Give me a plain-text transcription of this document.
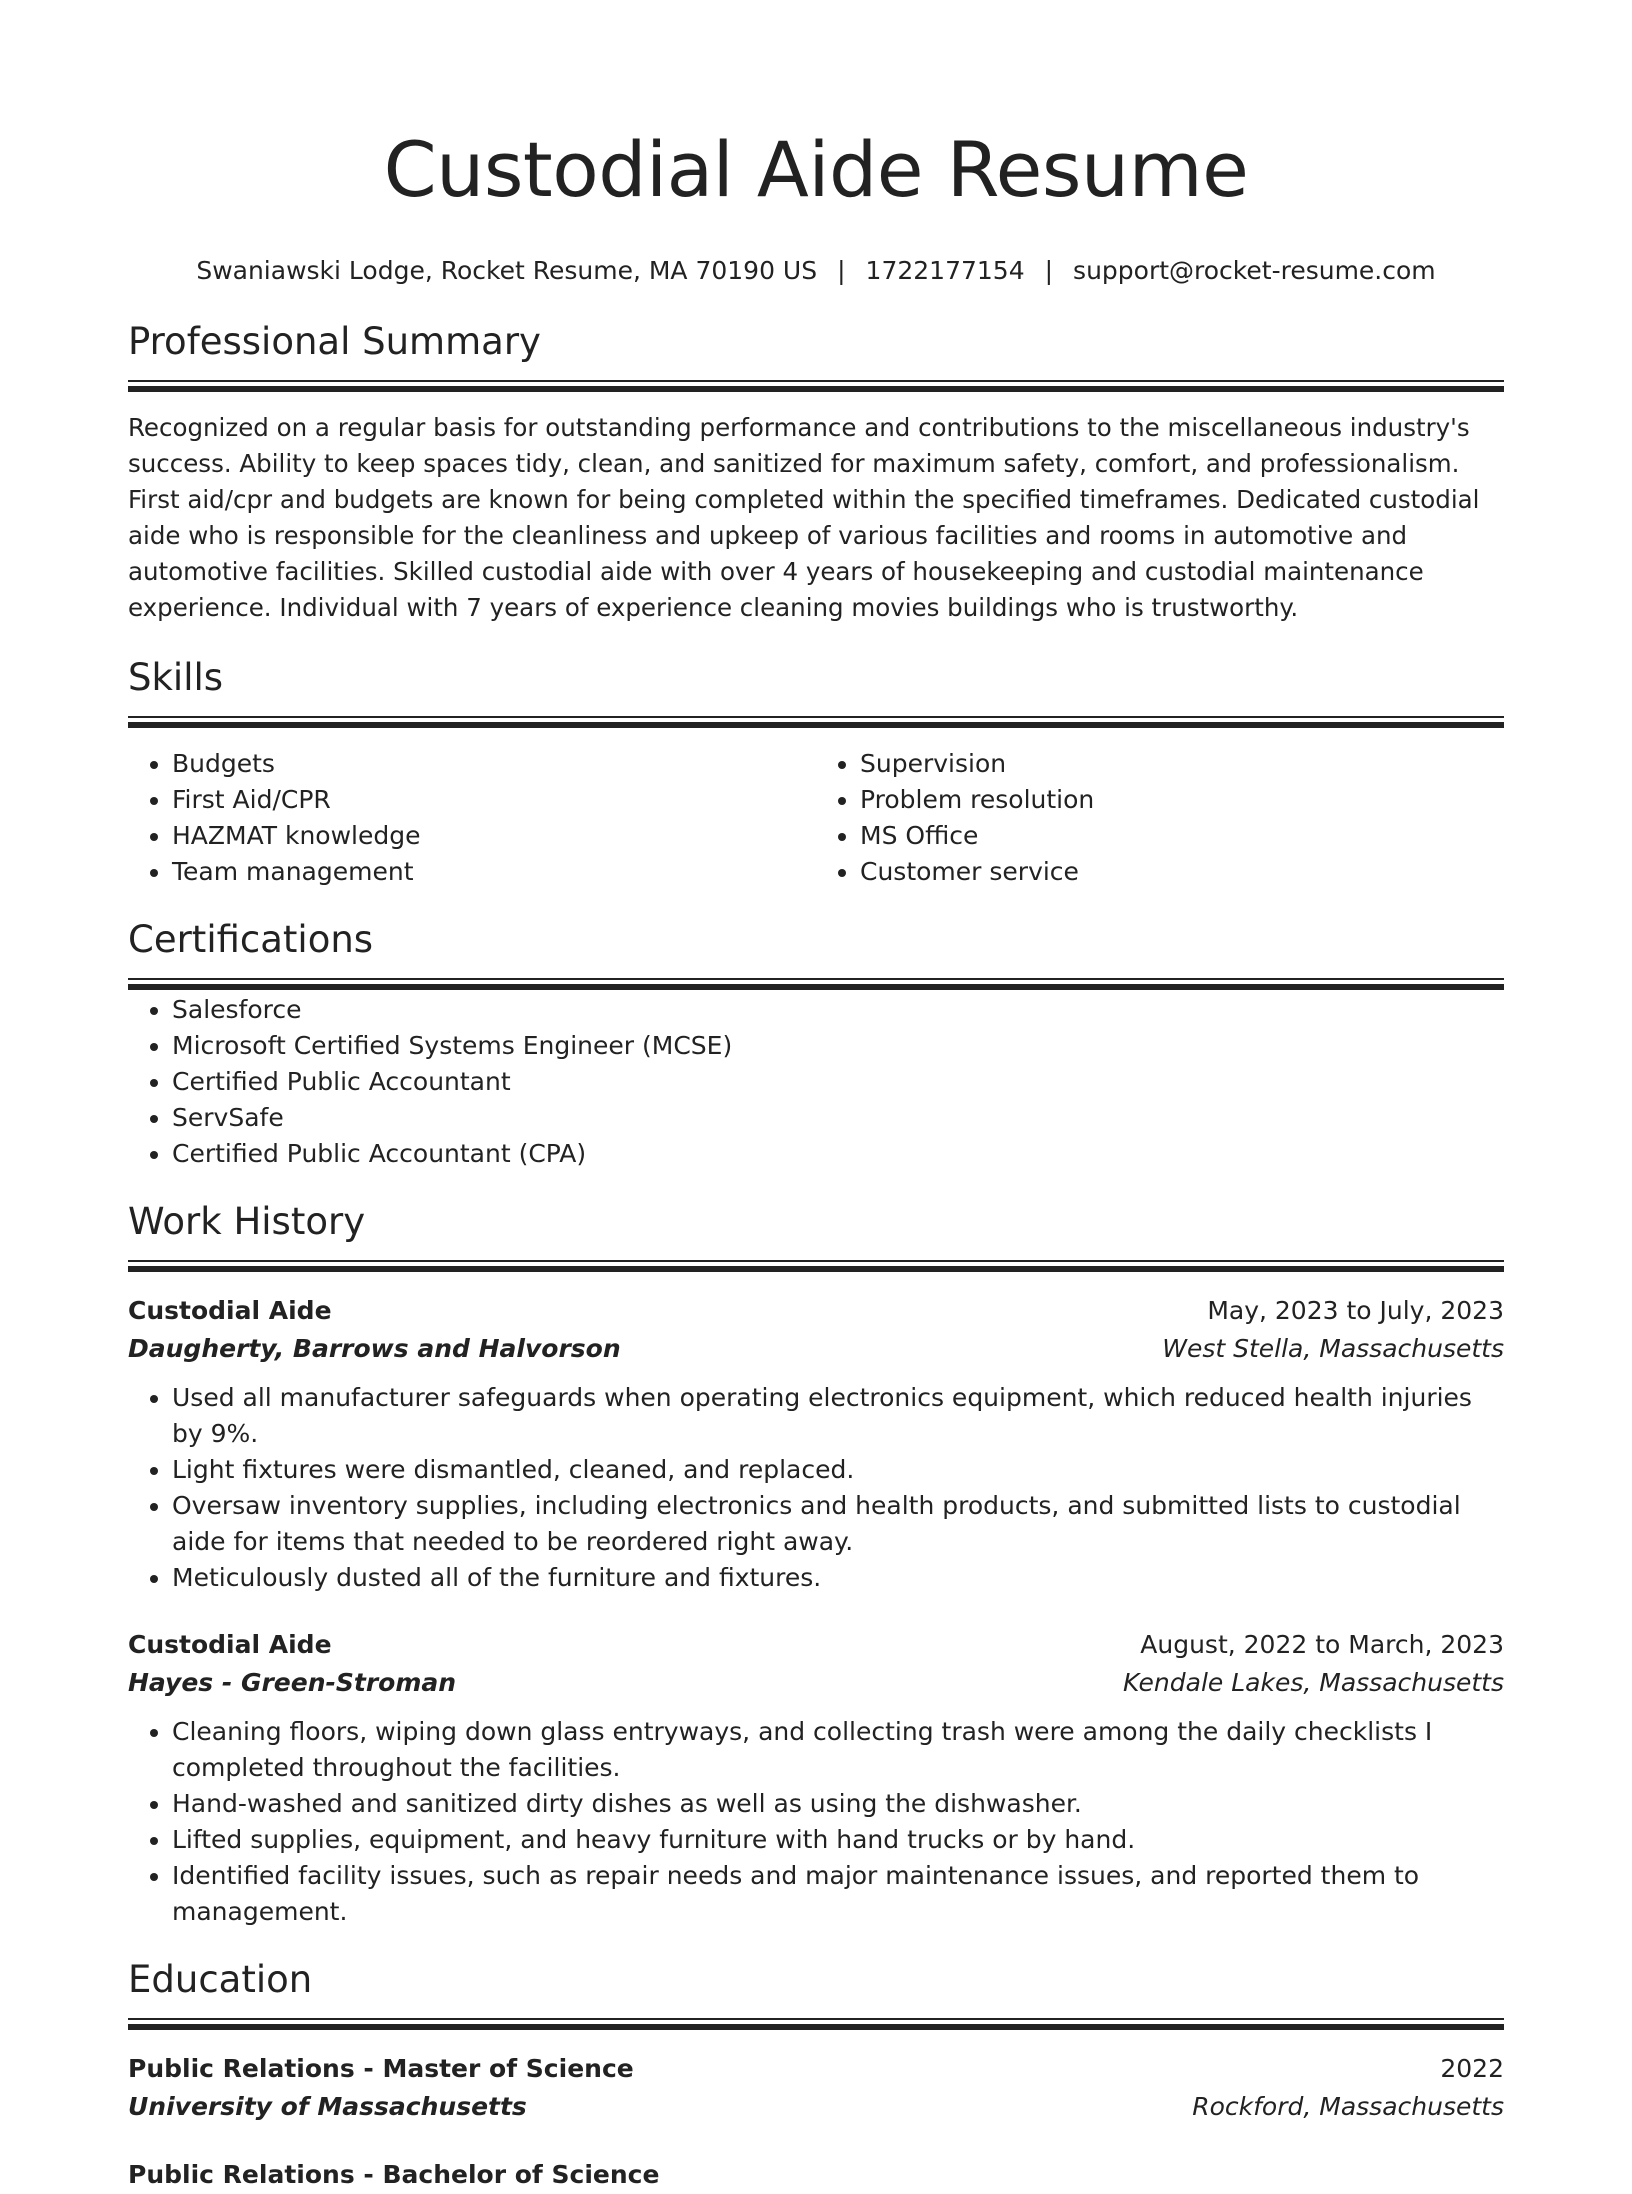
Custodial Aide Resume
Swaniawski Lodge, Rocket Resume, MA 70190 US | 1722177154 | support@rocket-resume.com
Professional Summary

Recognized on a regular basis for outstanding performance and contributions to the miscellaneous industry's success. Ability to keep spaces tidy, clean, and sanitized for maximum safety, comfort, and professionalism. First aid/cpr and budgets are known for being completed within the specified timeframes. Dedicated custodial aide who is responsible for the cleanliness and upkeep of various facilities and rooms in automotive and automotive facilities. Skilled custodial aide with over 4 years of housekeeping and custodial maintenance experience. Individual with 7 years of experience cleaning movies buildings who is trustworthy.

Skills
• Budgets
• First Aid/CPR
• HAZMAT knowledge
• Team management
• Supervision
• Problem resolution
• MS Office
• Customer service
Certifications
• Salesforce
• Microsoft Certified Systems Engineer (MCSE)
• Certified Public Accountant
• ServSafe
• Certified Public Accountant (CPA)
Work History
Custodial Aide	May, 2023 to July, 2023
Daugherty, Barrows and Halvorson	West Stella, Massachusetts
• Used all manufacturer safeguards when operating electronics equipment, which reduced health injuries by 9%.
• Light fixtures were dismantled, cleaned, and replaced.
• Oversaw inventory supplies, including electronics and health products, and submitted lists to custodial aide for items that needed to be reordered right away.
• Meticulously dusted all of the furniture and fixtures.
Custodial Aide	August, 2022 to March, 2023
Hayes - Green-Stroman	Kendale Lakes, Massachusetts
• Cleaning floors, wiping down glass entryways, and collecting trash were among the daily checklists I completed throughout the facilities.
• Hand-washed and sanitized dirty dishes as well as using the dishwasher.
• Lifted supplies, equipment, and heavy furniture with hand trucks or by hand.
• Identified facility issues, such as repair needs and major maintenance issues, and reported them to management.
Education
Public Relations - Master of Science	2022
University of Massachusetts	Rockford, Massachusetts
Public Relations - Bachelor of Science
